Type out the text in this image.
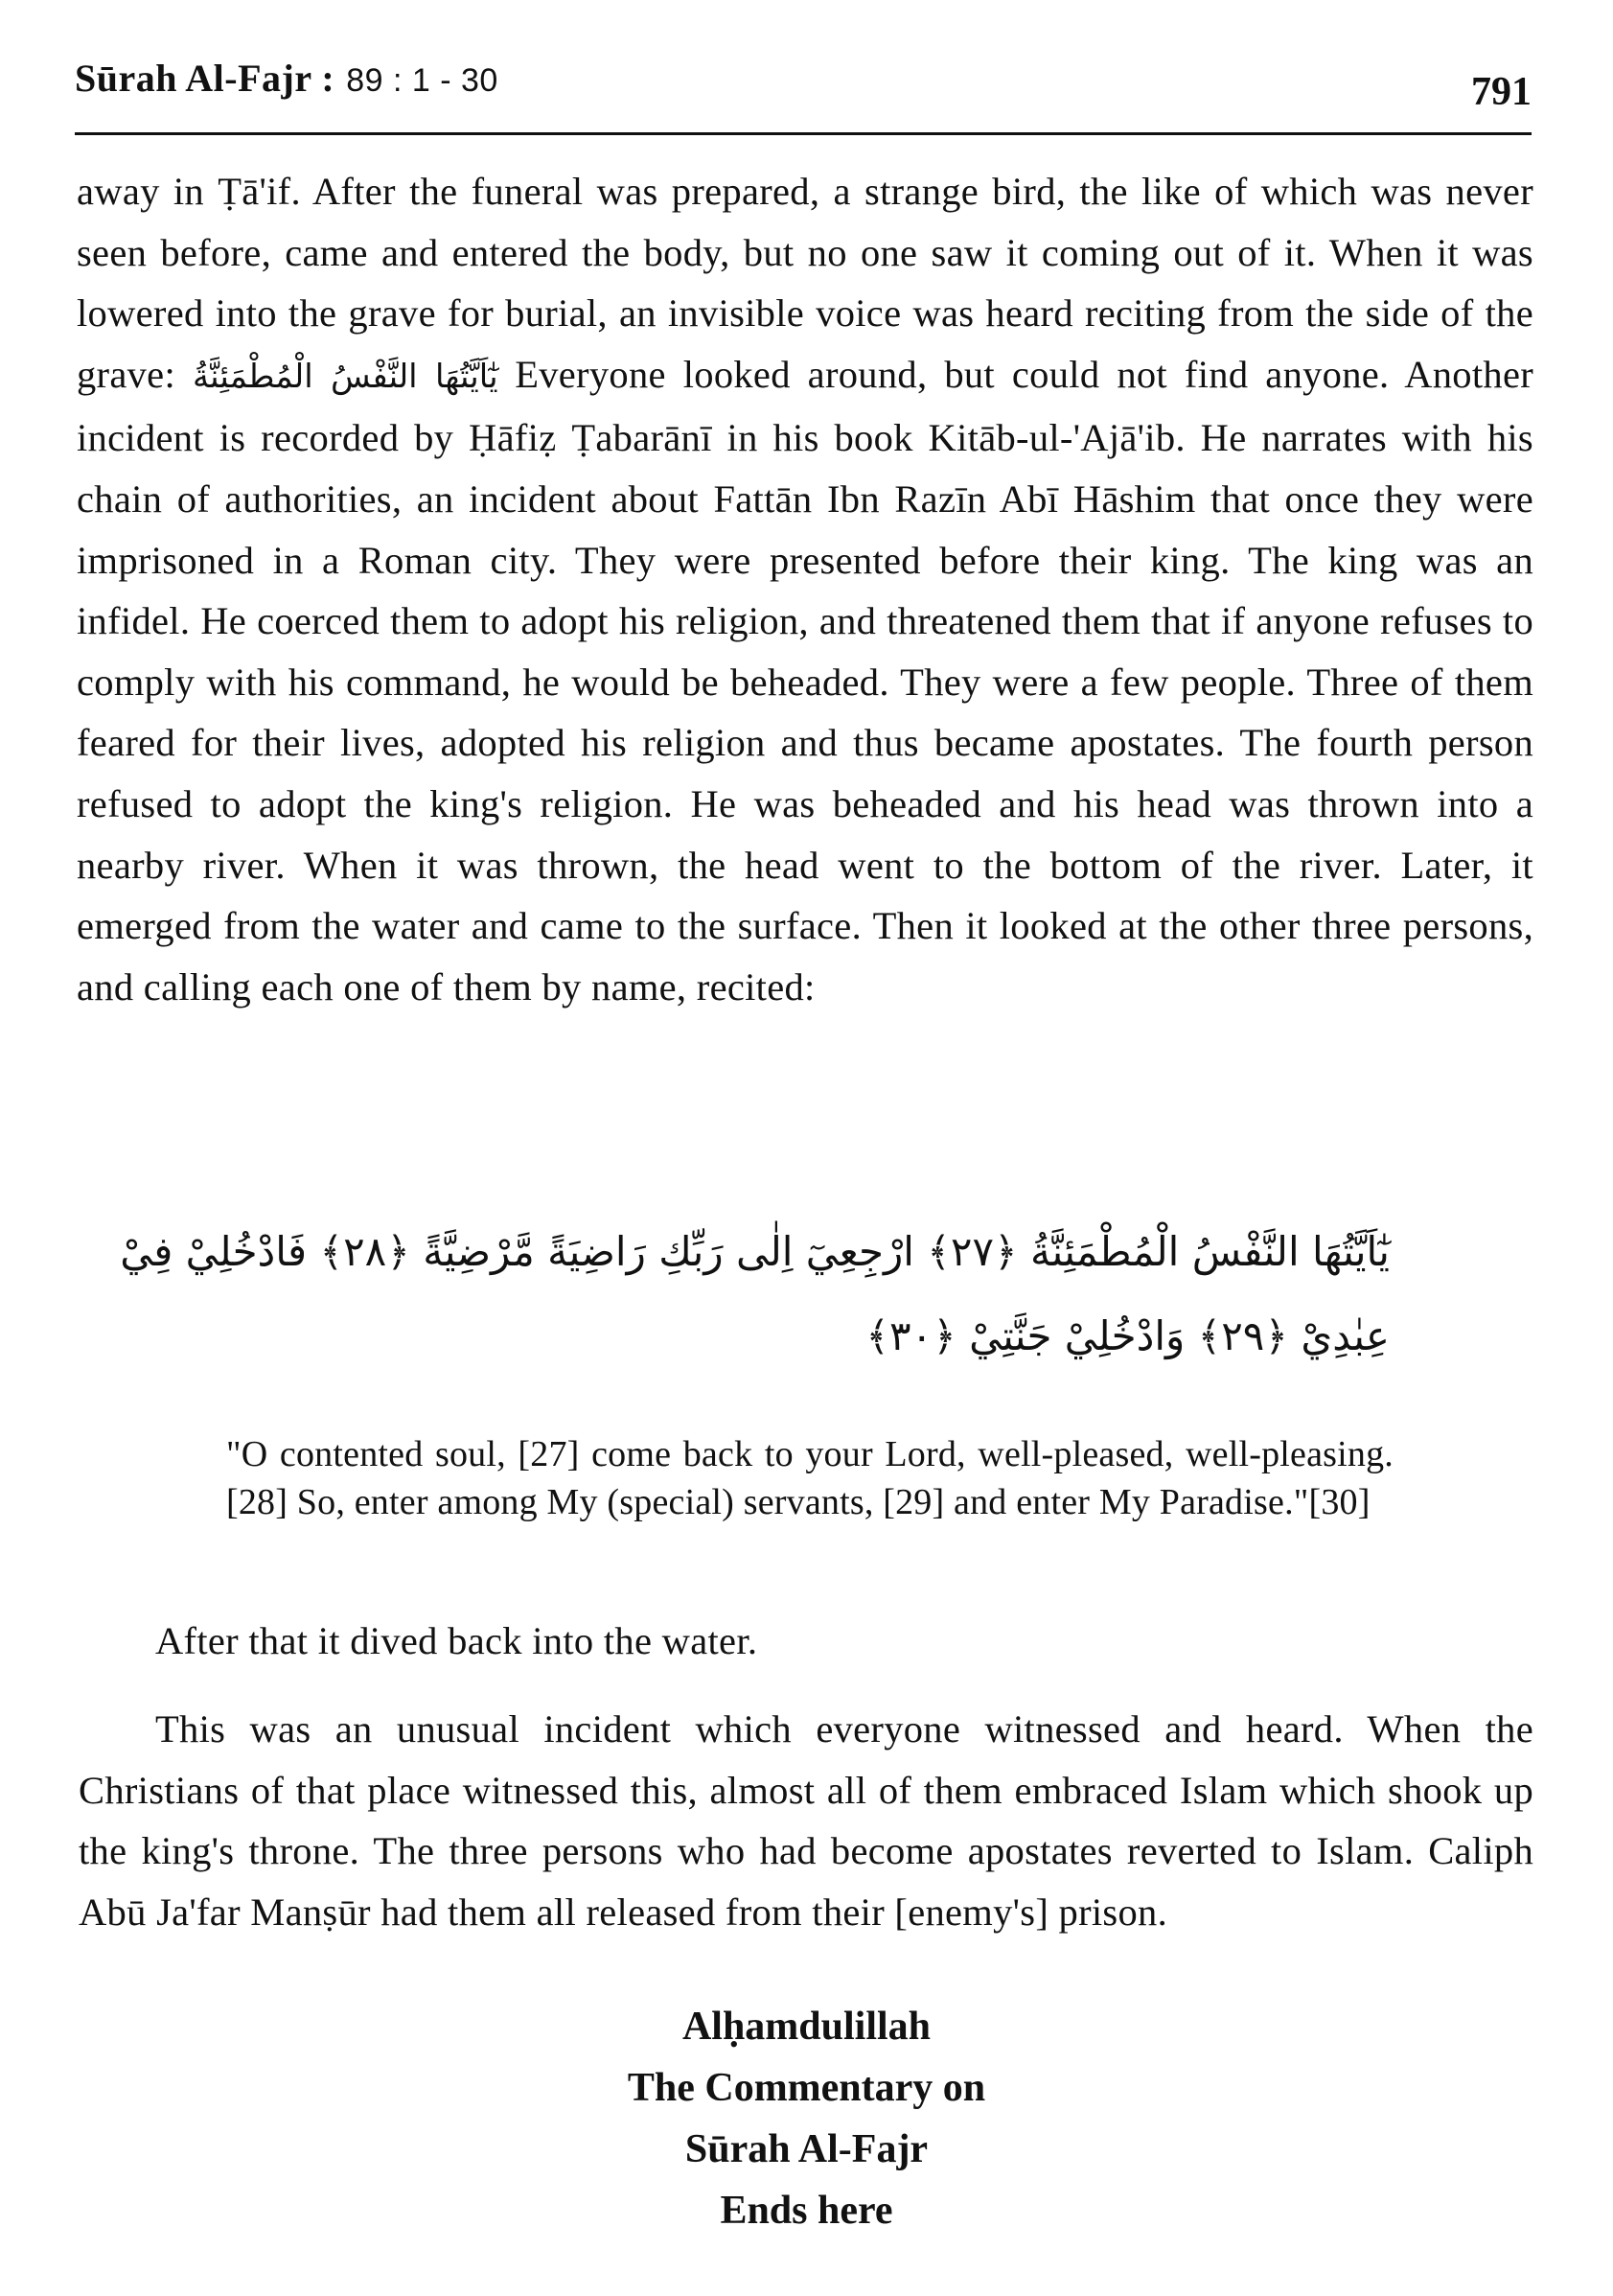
Sūrah Al-Fajr : 89 : 1 - 30	791
away in Ṭā'if. After the funeral was prepared, a strange bird, the like of which was never seen before, came and entered the body, but no one saw it coming out of it. When it was lowered into the grave for burial, an invisible voice was heard reciting from the side of the grave: يٰٓاَيَّتُهَا النَّفْسُ الْمُطْمَئِنَّةُ Everyone looked around, but could not find anyone. Another incident is recorded by Ḥāfiẓ Ṭabarānī in his book Kitāb-ul-'Ajā'ib. He narrates with his chain of authorities, an incident about Fattān Ibn Razīn Abī Hāshim that once they were imprisoned in a Roman city. They were presented before their king. The king was an infidel. He coerced them to adopt his religion, and threatened them that if anyone refuses to comply with his command, he would be beheaded. They were a few people. Three of them feared for their lives, adopted his religion and thus became apostates. The fourth person refused to adopt the king's religion. He was beheaded and his head was thrown into a nearby river. When it was thrown, the head went to the bottom of the river. Later, it emerged from the water and came to the surface. Then it looked at the other three persons, and calling each one of them by name, recited:
يٰٓاَيَّتُهَا النَّفْسُ الْمُطْمَئِنَّةُ ﴿٢٧﴾ ارْجِعِيٓ اِلٰى رَبِّكِ رَاضِيَةً مَّرْضِيَّةً ﴿٢٨﴾ فَادْخُلِيْ فِيْ
عِبٰدِيْ ﴿٢٩﴾ وَادْخُلِيْ جَنَّتِيْ ﴿٣٠﴾
"O contented soul, [27] come back to your Lord, well-pleased, well-pleasing. [28] So, enter among My (special) servants, [29] and enter My Paradise."[30]

After that it dived back into the water.

This was an unusual incident which everyone witnessed and heard. When the Christians of that place witnessed this, almost all of them embraced Islam which shook up the king's throne. The three persons who had become apostates reverted to Islam. Caliph Abū Ja'far Manṣūr had them all released from their [enemy's] prison.

Alḥamdulillah
The Commentary on
Sūrah Al-Fajr
Ends here
